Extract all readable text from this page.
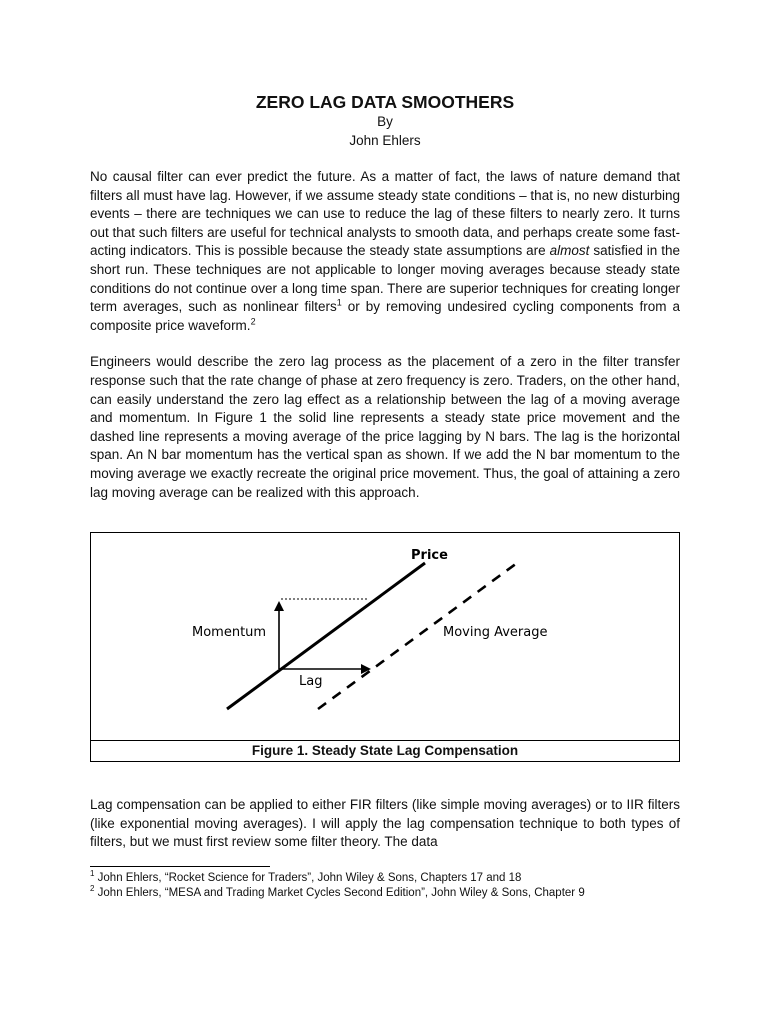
ZERO LAG DATA SMOOTHERS

By

John Ehlers

No causal filter can ever predict the future. As a matter of fact, the laws of nature demand that filters all must have lag. However, if we assume steady state conditions – that is, no new disturbing events – there are techniques we can use to reduce the lag of these filters to nearly zero. It turns out that such filters are useful for technical analysts to smooth data, and perhaps create some fast-acting indicators. This is possible because the steady state assumptions are almost satisfied in the short run. These techniques are not applicable to longer moving averages because steady state conditions do not continue over a long time span. There are superior techniques for creating longer term averages, such as nonlinear filters$^1$ or by removing undesired cycling components from a composite price waveform.$^2$

Engineers would describe the zero lag process as the placement of a zero in the filter transfer response such that the rate change of phase at zero frequency is zero. Traders, on the other hand, can easily understand the zero lag effect as a relationship between the lag of a moving average and momentum. In Figure 1 the solid line represents a steady state price movement and the dashed line represents a moving average of the price lagging by N bars. The lag is the horizontal span. An N bar momentum has the vertical span as shown. If we add the N bar momentum to the moving average we exactly recreate the original price movement. Thus, the goal of attaining a zero lag moving average can be realized with this approach.

Price
Momentum	Moving Average
Lag
Figure 1. Steady State Lag Compensation

Lag compensation can be applied to either FIR filters (like simple moving averages) or to IIR filters (like exponential moving averages). I will apply the lag compensation technique to both types of filters, but we must first review some filter theory. The data

$^1$ John Ehlers, “Rocket Science for Traders”, John Wiley & Sons, Chapters 17 and 18

$^2$ John Ehlers, “MESA and Trading Market Cycles Second Edition”, John Wiley & Sons, Chapter 9
